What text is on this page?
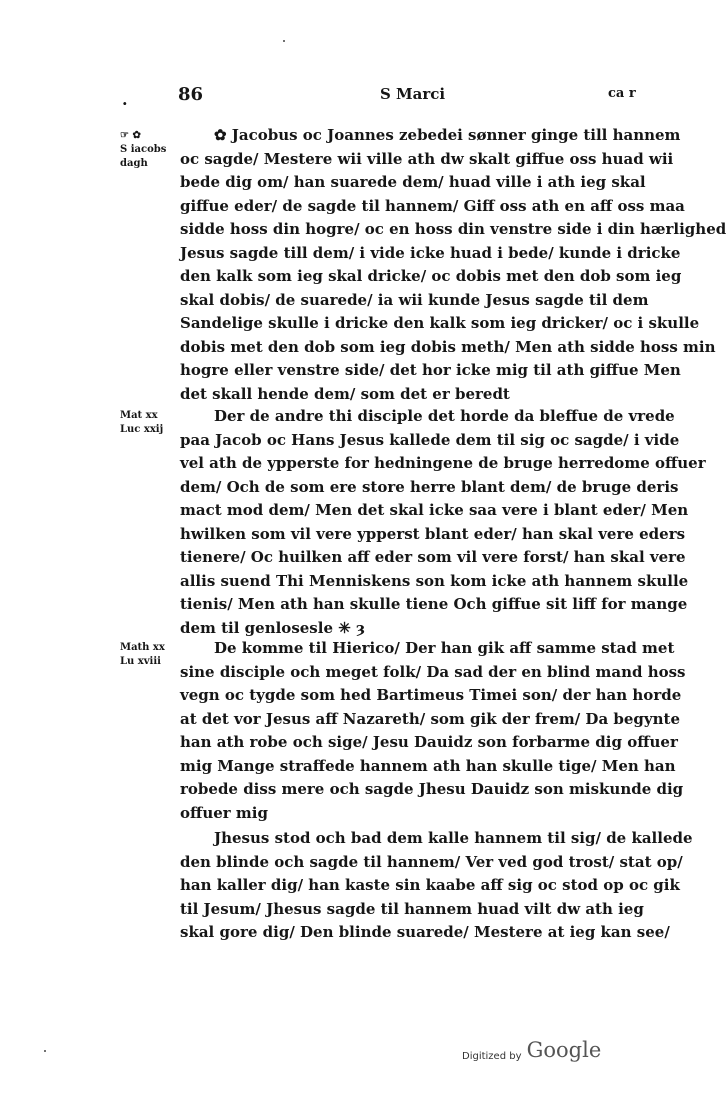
.	86	S Marci	ca r
☞ ✿
S iacobs
dagh
Mat xx
Luc xxij
Math xx
Lu xviii
✿ Jacobus oc Joannes zebedei sønner ginge till hannem
oc sagde/ Mestere wii ville ath dw skalt giffue oss huad wii
bede dig om/ han suarede dem/ huad ville i ath ieg skal
giffue eder/ de sagde til hannem/ Giff oss ath en aff oss maa
sidde hoss din hogre/ oc en hoss din venstre side i din hærlighed
Jesus sagde till dem/ i vide icke huad i bede/ kunde i dricke
den kalk som ieg skal dricke/ oc dobis met den dob som ieg
skal dobis/ de suarede/ ia wii kunde Jesus sagde til dem
Sandelige skulle i dricke den kalk som ieg dricker/ oc i skulle
dobis met den dob som ieg dobis meth/ Men ath sidde hoss min
hogre eller venstre side/ det hor icke mig til ath giffue Men
det skall hende dem/ som det er beredt
Der de andre thi disciple det horde da bleffue de vrede
paa Jacob oc Hans Jesus kallede dem til sig oc sagde/ i vide
vel ath de ypperste for hedningene de bruge herredome offuer
dem/ Och de som ere store herre blant dem/ de bruge deris
mact mod dem/ Men det skal icke saa vere i blant eder/ Men
hwilken som vil vere ypperst blant eder/ han skal vere eders
tienere/ Oc huilken aff eder som vil vere forst/ han skal vere
allis suend Thi Menniskens son kom icke ath hannem skulle
tienis/ Men ath han skulle tiene Och giffue sit liff for mange
dem til genlosesle ✳ ȝ
De komme til Hierico/ Der han gik aff samme stad met
sine disciple och meget folk/ Da sad der en blind mand hoss
vegn oc tygde som hed Bartimeus Timei son/ der han horde
at det vor Jesus aff Nazareth/ som gik der frem/ Da begynte
han ath robe och sige/ Jesu Dauidz son forbarme dig offuer
mig Mange straffede hannem ath han skulle tige/ Men han
robede diss mere och sagde Jhesu Dauidz son miskunde dig
offuer mig
Jhesus stod och bad dem kalle hannem til sig/ de kallede
den blinde och sagde til hannem/ Ver ved god trost/ stat op/
han kaller dig/ han kaste sin kaabe aff sig oc stod op oc gik
til Jesum/ Jhesus sagde til hannem huad vilt dw ath ieg
skal gore dig/ Den blinde suarede/ Mestere at ieg kan see/
Digitized by Google
